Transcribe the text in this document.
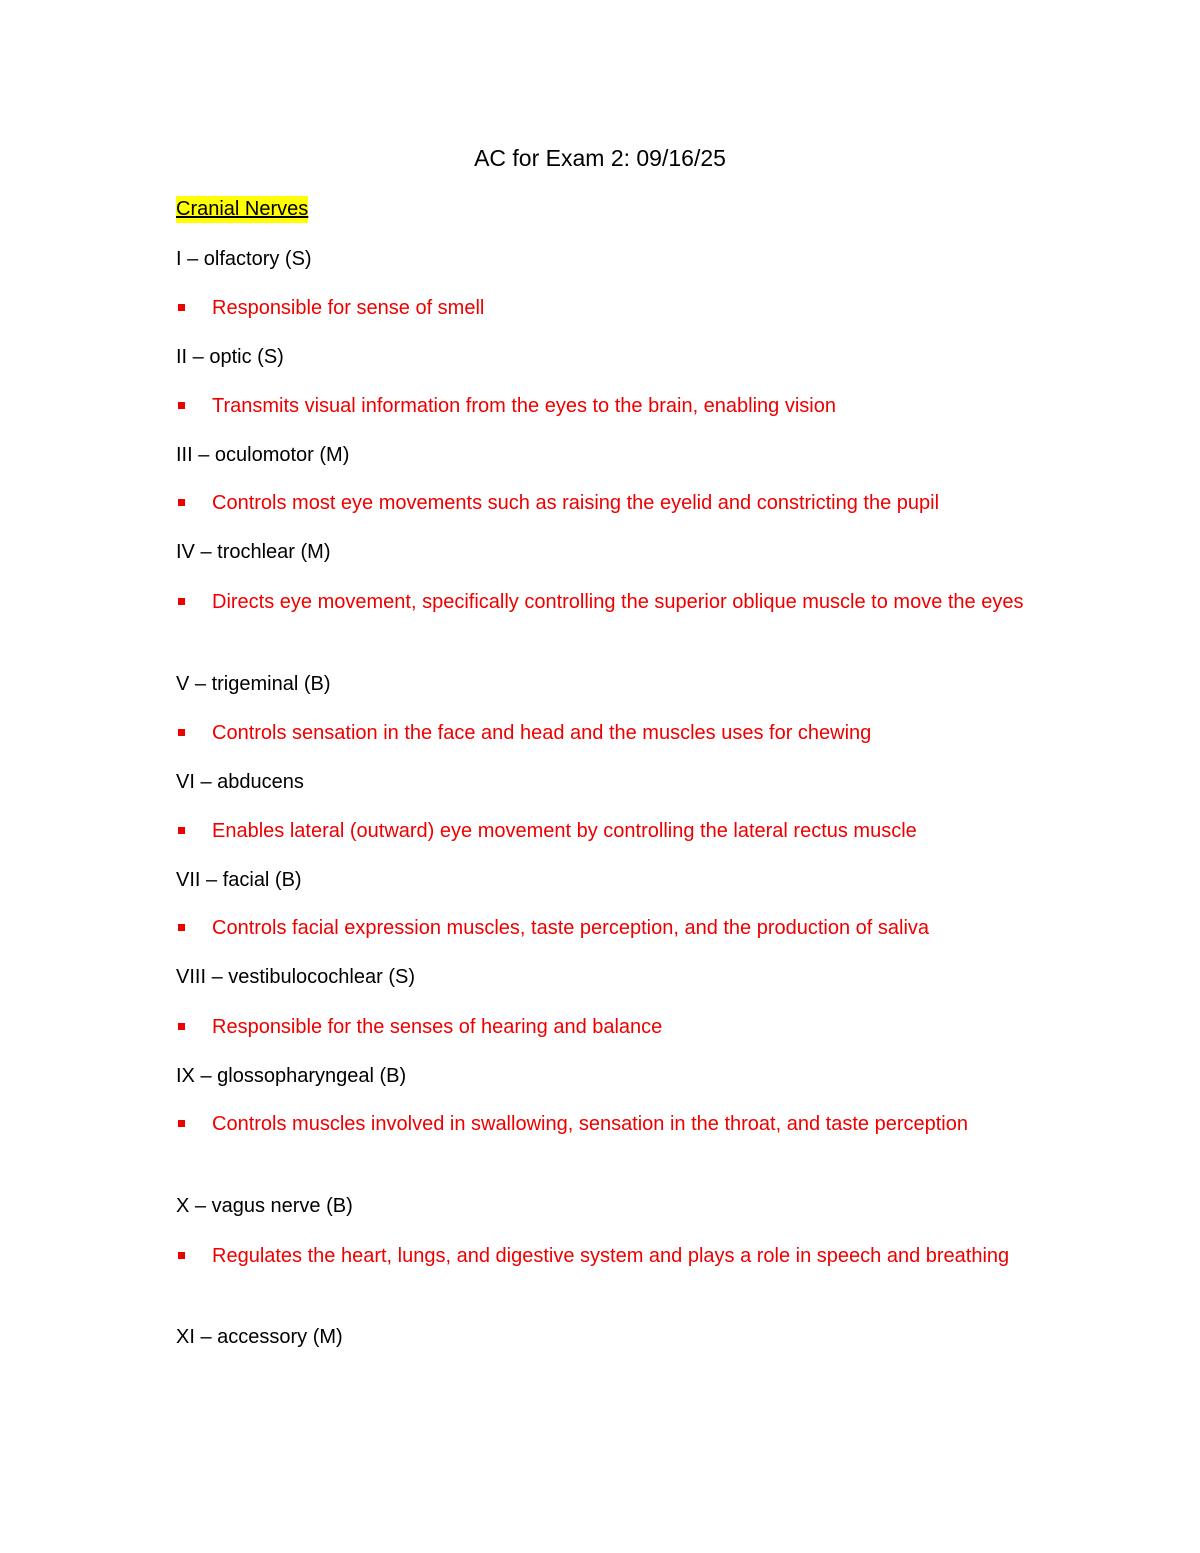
AC for Exam 2: 09/16/25
Cranial Nerves
I – olfactory (S)
Responsible for sense of smell
II – optic (S)
Transmits visual information from the eyes to the brain, enabling vision
III – oculomotor (M)
Controls most eye movements such as raising the eyelid and constricting the pupil
IV – trochlear (M)
Directs eye movement, specifically controlling the superior oblique muscle to move the eyes
V – trigeminal (B)
Controls sensation in the face and head and the muscles uses for chewing
VI – abducens
Enables lateral (outward) eye movement by controlling the lateral rectus muscle
VII – facial (B)
Controls facial expression muscles, taste perception, and the production of saliva
VIII – vestibulocochlear (S)
Responsible for the senses of hearing and balance
IX – glossopharyngeal (B)
Controls muscles involved in swallowing, sensation in the throat, and taste perception
X – vagus nerve (B)
Regulates the heart, lungs, and digestive system and plays a role in speech and breathing
XI – accessory (M)
